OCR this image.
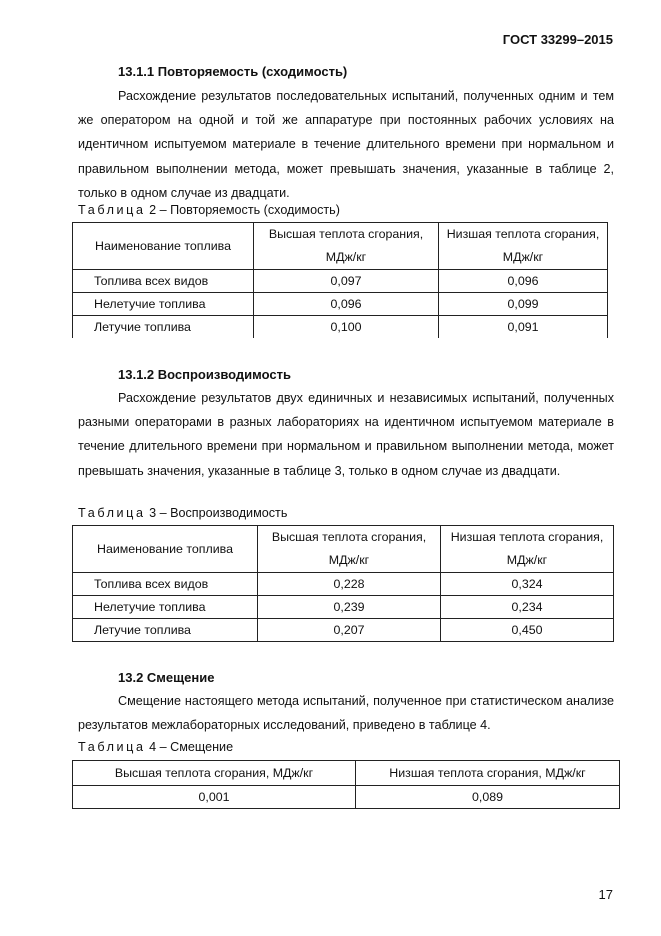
ГОСТ 33299–2015
13.1.1 Повторяемость (сходимость)

Расхождение результатов последовательных испытаний, полученных одним и тем же оператором на одной и той же аппаратуре при постоянных рабочих условиях на идентичном испытуемом материале в течение длительного времени при нормальном и правильном выполнении метода, может превышать значения, указанные в таблице 2, только в одном случае из двадцати.

Таблица 2 – Повторяемость (сходимость)
Наименование топлива	Высшая теплота сгорания, МДж/кг	Низшая теплота сгорания, МДж/кг
Топлива всех видов	0,097	0,096
Нелетучие топлива	0,096	0,099
Летучие топлива	0,100	0,091
13.1.2 Воспроизводимость

Расхождение результатов двух единичных и независимых испытаний, полученных разными операторами в разных лабораториях на идентичном испытуемом материале в течение длительного времени при нормальном и правильном выполнении метода, может превышать значения, указанные в таблице 3, только в одном случае из двадцати.

Таблица 3 – Воспроизводимость
Наименование топлива	Высшая теплота сгорания, МДж/кг	Низшая теплота сгорания, МДж/кг
Топлива всех видов	0,228	0,324
Нелетучие топлива	0,239	0,234
Летучие топлива	0,207	0,450
13.2 Смещение

Смещение настоящего метода испытаний, полученное при статистическом анализе результатов межлабораторных исследований, приведено в таблице 4.

Таблица 4 – Смещение
Высшая теплота сгорания, МДж/кг	Низшая теплота сгорания, МДж/кг
0,001	0,089
17
